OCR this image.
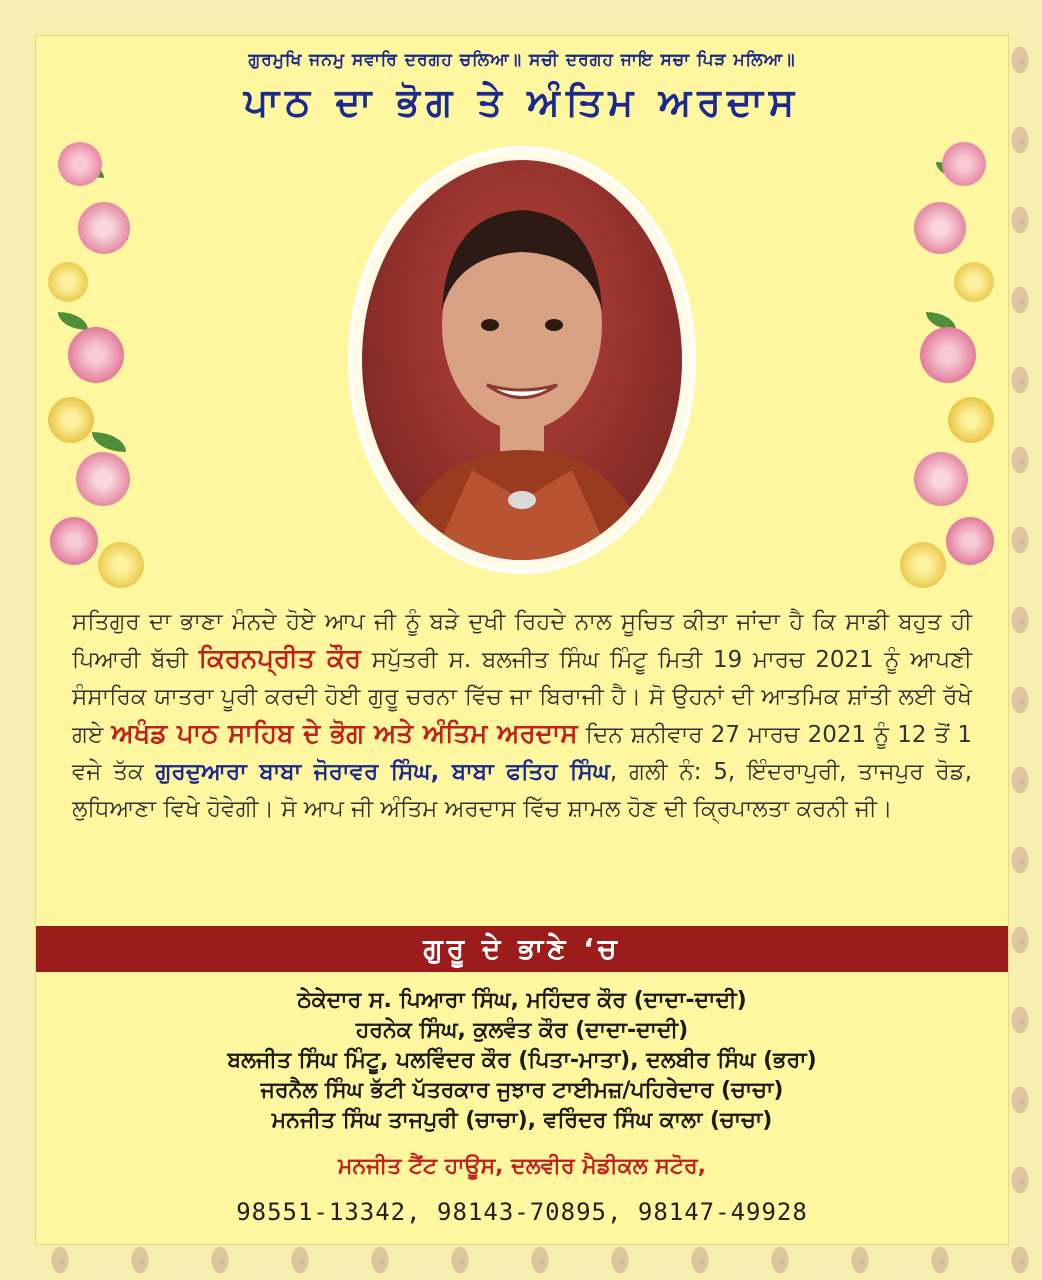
ਗੁਰਮੁਖਿ ਜਨਮੁ ਸਵਾਰਿ ਦਰਗਹ ਚਲਿਆ॥ ਸਚੀ ਦਰਗਹ ਜਾਇ ਸਚਾ ਪਿੜ ਮਲਿਆ॥
ਪਾਠ ਦਾ ਭੋਗ ਤੇ ਅੰਤਿਮ ਅਰਦਾਸ
ਸਤਿਗੁਰ ਦਾ ਭਾਣਾ ਮੰਨਦੇ ਹੋਏ ਆਪ ਜੀ ਨੂੰ ਬੜੇ ਦੁਖੀ ਰਿਹਦੇ ਨਾਲ ਸੂਚਿਤ ਕੀਤਾ ਜਾਂਦਾ ਹੈ ਕਿ ਸਾਡੀ ਬਹੁਤ ਹੀ ਪਿਆਰੀ ਬੱਚੀ ਕਿਰਨਪ੍ਰੀਤ ਕੌਰ ਸਪੁੱਤਰੀ ਸ. ਬਲਜੀਤ ਸਿੰਘ ਮਿੰਟੂ ਮਿਤੀ 19 ਮਾਰਚ 2021 ਨੂੰ ਆਪਣੀ ਸੰਸਾਰਿਕ ਯਾਤਰਾ ਪੂਰੀ ਕਰਦੀ ਹੋਈ ਗੁਰੂ ਚਰਨਾ ਵਿੱਚ ਜਾ ਬਿਰਾਜੀ ਹੈ। ਸੋ ਉਹਨਾਂ ਦੀ ਆਤਮਿਕ ਸ਼ਾਂਤੀ ਲਈ ਰੱਖੇ ਗਏ ਅਖੰਡ ਪਾਠ ਸਾਹਿਬ ਦੇ ਭੋਗ ਅਤੇ ਅੰਤਿਮ ਅਰਦਾਸ ਦਿਨ ਸ਼ਨੀਵਾਰ 27 ਮਾਰਚ 2021 ਨੂੰ 12 ਤੋਂ 1 ਵਜੇ ਤੱਕ ਗੁਰਦੁਆਰਾ ਬਾਬਾ ਜੋਰਾਵਰ ਸਿੰਘ, ਬਾਬਾ ਫਤਿਹ ਸਿੰਘ, ਗਲੀ ਨੰ: 5, ਇੰਦਰਾਪੁਰੀ, ਤਾਜਪੁਰ ਰੋਡ, ਲੁਧਿਆਣਾ ਵਿਖੇ ਹੋਵੇਗੀ। ਸੋ ਆਪ ਜੀ ਅੰਤਿਮ ਅਰਦਾਸ ਵਿੱਚ ਸ਼ਾਮਲ ਹੋਣ ਦੀ ਕ੍ਰਿਪਾਲਤਾ ਕਰਨੀ ਜੀ।
ਗੁਰੂ ਦੇ ਭਾਣੇ ‘ਚ
ਠੇਕੇਦਾਰ ਸ. ਪਿਆਰਾ ਸਿੰਘ, ਮਹਿੰਦਰ ਕੌਰ (ਦਾਦਾ-ਦਾਦੀ)
ਹਰਨੇਕ ਸਿੰਘ, ਕੁਲਵੰਤ ਕੌਰ (ਦਾਦਾ-ਦਾਦੀ)
ਬਲਜੀਤ ਸਿੰਘ ਮਿੰਟੂ, ਪਲਵਿੰਦਰ ਕੌਰ (ਪਿਤਾ-ਮਾਤਾ), ਦਲਬੀਰ ਸਿੰਘ (ਭਰਾ)
ਜਰਨੈਲ ਸਿੰਘ ਭੱਟੀ ਪੱਤਰਕਾਰ ਜੁਝਾਰ ਟਾਈਮਜ਼/ਪਹਿਰੇਦਾਰ (ਚਾਚਾ)
ਮਨਜੀਤ ਸਿੰਘ ਤਾਜਪੁਰੀ (ਚਾਚਾ), ਵਰਿੰਦਰ ਸਿੰਘ ਕਾਲਾ (ਚਾਚਾ)
ਮਨਜੀਤ ਟੈਂਟ ਹਾਊਸ, ਦਲਵੀਰ ਮੈਡੀਕਲ ਸਟੋਰ,
98551-13342, 98143-70895, 98147-49928
